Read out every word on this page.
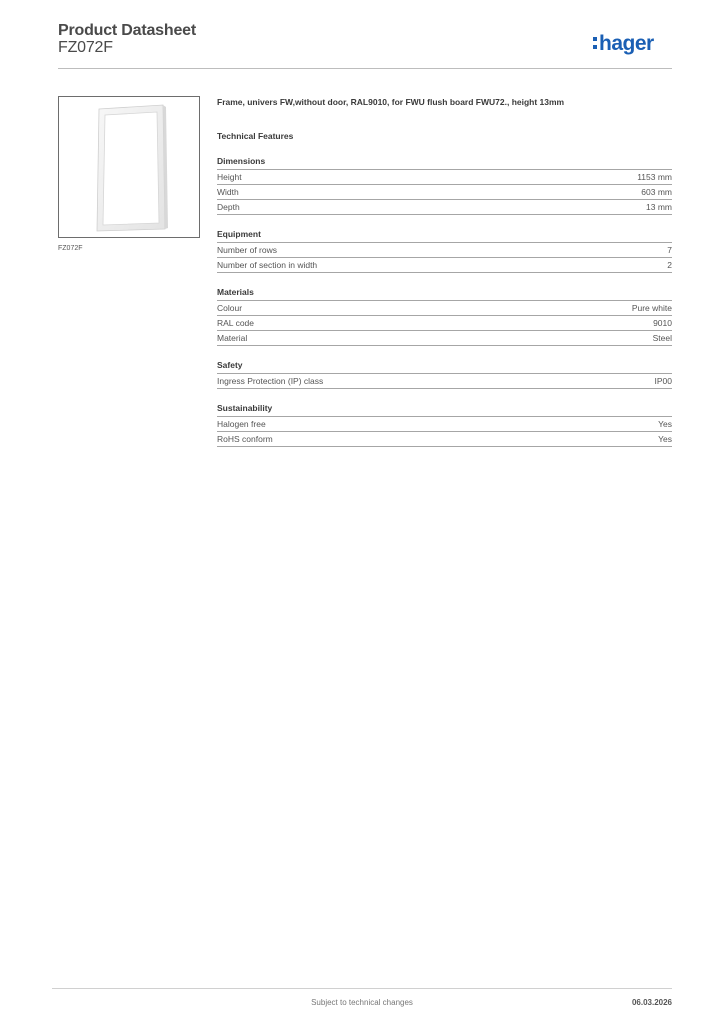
Product Datasheet
FZ072F	hager
FZ072F

Frame, univers FW,without door, RAL9010, for FWU flush board FWU72., height 13mm

Technical Features
Dimensions
Height	1153 mm
Width	603 mm
Depth	13 mm
Equipment
Number of rows	7
Number of section in width	2
Materials
Colour	Pure white
RAL code	9010
Material	Steel
Safety
Ingress Protection (IP) class	IP00
Sustainability
Halogen free	Yes
RoHS conform	Yes
Subject to technical changes	06.03.2026
